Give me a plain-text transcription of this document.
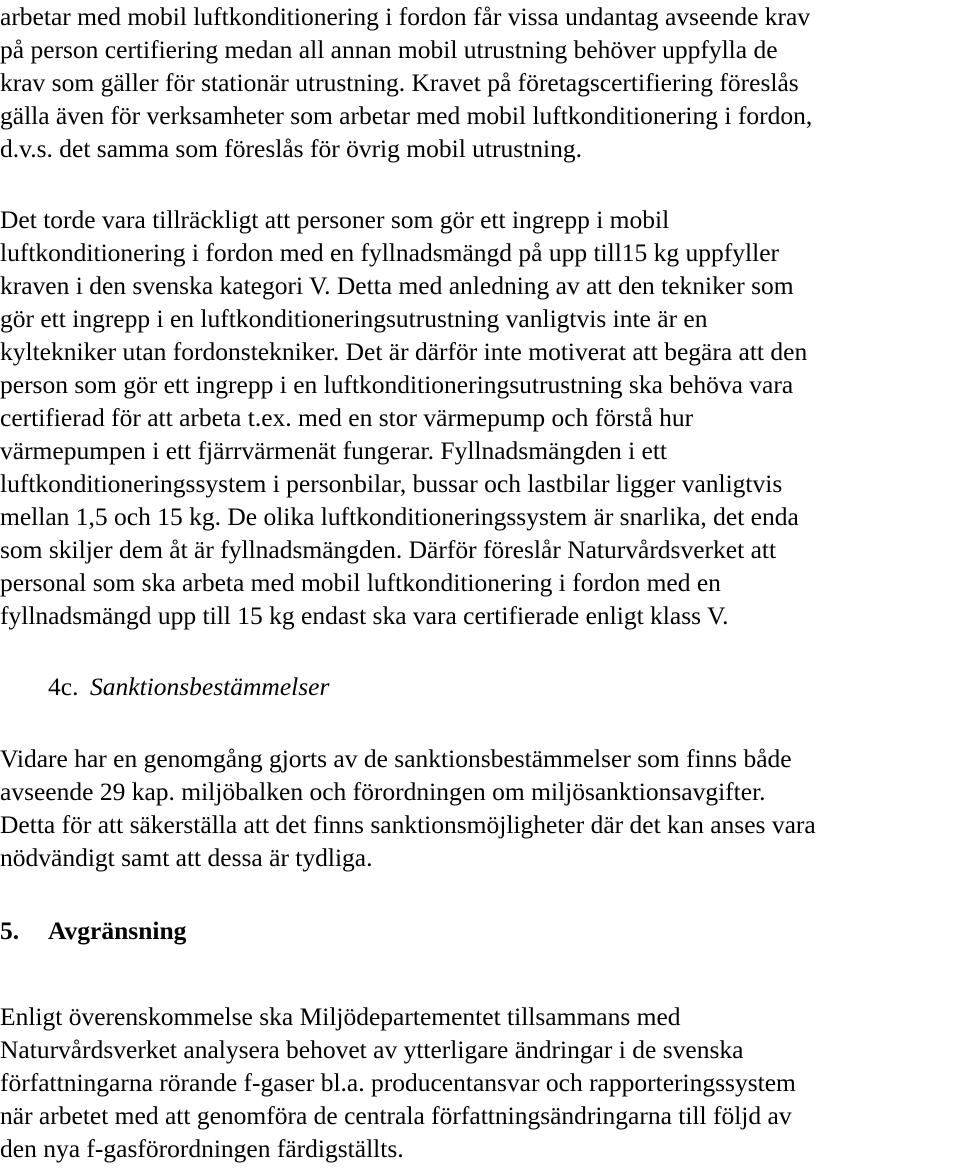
arbetar med mobil luftkonditionering i fordon får vissa undantag avseende krav
på person certifiering medan all annan mobil utrustning behöver uppfylla de
krav som gäller för stationär utrustning. Kravet på företagscertifiering föreslås
gälla även för verksamheter som arbetar med mobil luftkonditionering i fordon,
d.v.s. det samma som föreslås för övrig mobil utrustning.
Det torde vara tillräckligt att personer som gör ett ingrepp i mobil
luftkonditionering i fordon med en fyllnadsmängd på upp till15 kg uppfyller
kraven i den svenska kategori V. Detta med anledning av att den tekniker som
gör ett ingrepp i en luftkonditioneringsutrustning vanligtvis inte är en
kyltekniker utan fordonstekniker. Det är därför inte motiverat att begära att den
person som gör ett ingrepp i en luftkonditioneringsutrustning ska behöva vara
certifierad för att arbeta t.ex. med en stor värmepump och förstå hur
värmepumpen i ett fjärrvärmenät fungerar. Fyllnadsmängden i ett
luftkonditioneringssystem i personbilar, bussar och lastbilar ligger vanligtvis
mellan 1,5 och 15 kg. De olika luftkonditioneringssystem är snarlika, det enda
som skiljer dem åt är fyllnadsmängden. Därför föreslår Naturvårdsverket att
personal som ska arbeta med mobil luftkonditionering i fordon med en
fyllnadsmängd upp till 15 kg endast ska vara certifierade enligt klass V.
4c. Sanktionsbestämmelser
Vidare har en genomgång gjorts av de sanktionsbestämmelser som finns både
avseende 29 kap. miljöbalken och förordningen om miljösanktionsavgifter.
Detta för att säkerställa att det finns sanktionsmöjligheter där det kan anses vara
nödvändigt samt att dessa är tydliga.
5. Avgränsning
Enligt överenskommelse ska Miljödepartementet tillsammans med
Naturvårdsverket analysera behovet av ytterligare ändringar i de svenska
författningarna rörande f-gaser bl.a. producentansvar och rapporteringssystem
när arbetet med att genomföra de centrala författningsändringarna till följd av
den nya f-gasförordningen färdigställts.
